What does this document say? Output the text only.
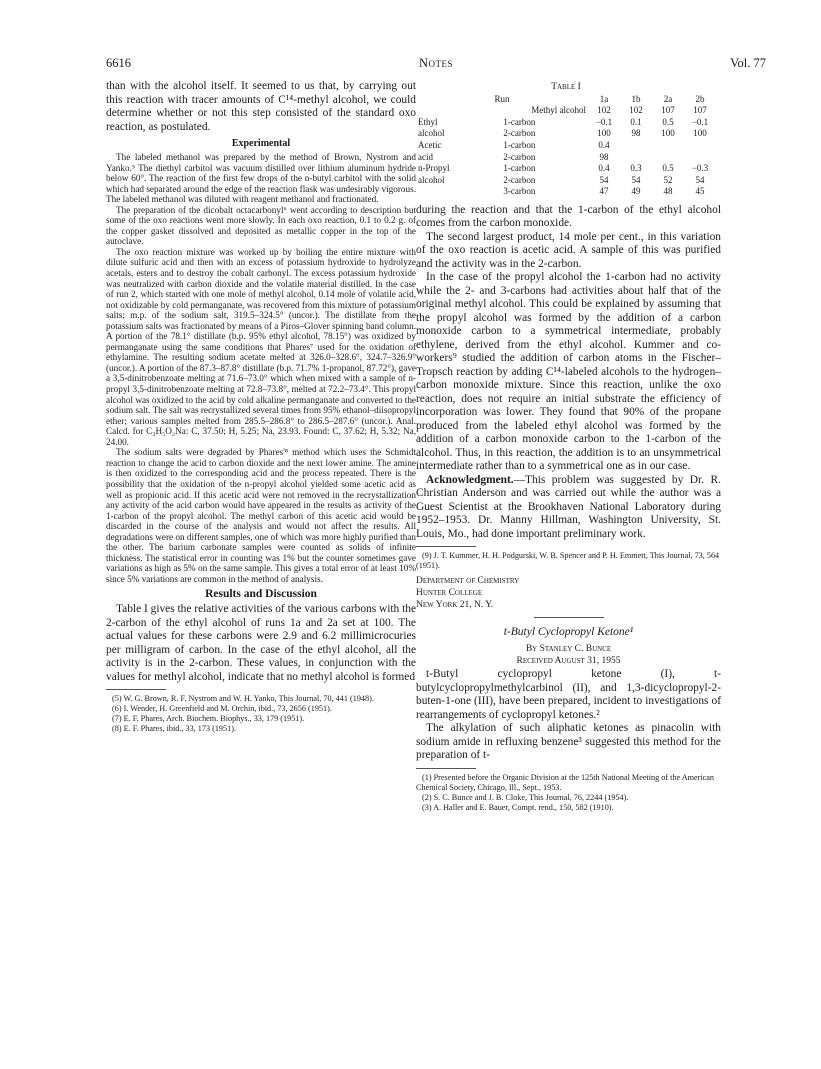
6616	Notes	Vol. 77

than with the alcohol itself. It seemed to us that, by carrying out this reaction with tracer amounts of C¹⁴-methyl alcohol, we could determine whether or not this step consisted of the standard oxo reaction, as postulated.

Experimental

The labeled methanol was prepared by the method of Brown, Nystrom and Yanko.⁵ The diethyl carbitol was vacuum distilled over lithium aluminum hydride below 60°. The reaction of the first few drops of the n-butyl carbitol with the solid which had separated around the edge of the reaction flask was undesirably vigorous. The labeled methanol was diluted with reagent methanol and fractionated.

The preparation of the dicobalt octacarbonyl⁶ went according to description but some of the oxo reactions went more slowly. In each oxo reaction, 0.1 to 0.2 g. of the copper gasket dissolved and deposited as metallic copper in the top of the autoclave.

The oxo reaction mixture was worked up by boiling the entire mixture with dilute sulfuric acid and then with an excess of potassium hydroxide to hydrolyze acetals, esters and to destroy the cobalt carbonyl. The excess potassium hydroxide was neutralized with carbon dioxide and the volatile material distilled. In the case of run 2, which started with one mole of methyl alcohol, 0.14 mole of volatile acid, not oxidizable by cold permanganate, was recovered from this mixture of potassium salts; m.p. of the sodium salt, 319.5–324.5° (uncor.). The distillate from the potassium salts was fractionated by means of a Piros–Glover spinning band column. A portion of the 78.1° distillate (b.p. 95% ethyl alcohol, 78.15°) was oxidized by permanganate using the same conditions that Phares⁷ used for the oxidation of ethylamine. The resulting sodium acetate melted at 326.0–328.6°, 324.7–326.9° (uncor.). A portion of the 87.3–87.8° distillate (b.p. 71.7% 1-propanol, 87.72°), gave a 3,5-dinitrobenzoate melting at 71.6–73.0° which when mixed with a sample of n-propyl 3,5-dinitrobenzoate melting at 72.8–73.8°, melted at 72.2–73.4°. This propyl alcohol was oxidized to the acid by cold alkaline permanganate and converted to the sodium salt. The salt was recrystallized several times from 95% ethanol–diisopropyl ether; various samples melted from 285.5–286.8° to 286.5–287.6° (uncor.). Anal. Calcd. for C₃H₅O₂Na: C, 37.50; H, 5.25; Na, 23.93. Found: C, 37.62; H, 5.32; Na, 24.00.

The sodium salts were degraded by Phares'⁸ method which uses the Schmidt reaction to change the acid to carbon dioxide and the next lower amine. The amine is then oxidized to the corresponding acid and the process repeated. There is the possibility that the oxidation of the n-propyl alcohol yielded some acetic acid as well as propionic acid. If this acetic acid were not removed in the recrystallization any activity of the acid carbon would have appeared in the results as activity of the 1-carbon of the propyl alcohol. The methyl carbon of this acetic acid would be discarded in the course of the analysis and would not affect the results. All degradations were on different samples, one of which was more highly purified than the other. The barium carbonate samples were counted as solids of infinite thickness. The statistical error in counting was 1% but the counter sometimes gave variations as high as 5% on the same sample. This gives a total error of at least 10% since 5% variations are common in the method of analysis.

Results and Discussion

Table I gives the relative activities of the various carbons with the 2-carbon of the ethyl alcohol of runs 1a and 2a set at 100. The actual values for these carbons were 2.9 and 6.2 millimicrocuries per milligram of carbon. In the case of the ethyl alcohol, all the activity is in the 2-carbon. These values, in conjunction with the values for methyl alcohol, indicate that no methyl alcohol is formed

(5) W. G. Brown, R. F. Nystrom and W. H. Yanko, This Journal, 70, 441 (1948).

(6) I. Wender, H. Greenfield and M. Orchin, ibid., 73, 2656 (1951).

(7) E. F. Phares, Arch. Biochem. Biophys., 33, 179 (1951).

(8) E. F. Phares, ibid., 33, 173 (1951).

Table I					
Run		1a	1b	2a	2b
Methyl alcohol		102	102	107	107
Ethyl	1-carbon	−0.1	0.1	0.5	−0.1
alcohol	2-carbon	100	98	100	100
Acetic	1-carbon	0.4			
acid	2-carbon	98			
n-Propyl	1-carbon	0.4	0.3	0.5	−0.3
alcohol	2-carbon	54	54	52	54
	3-carbon	47	49	48	45

during the reaction and that the 1-carbon of the ethyl alcohol comes from the carbon monoxide.

The second largest product, 14 mole per cent., in this variation of the oxo reaction is acetic acid. A sample of this was purified and the activity was in the 2-carbon.

In the case of the propyl alcohol the 1-carbon had no activity while the 2- and 3-carbons had activities about half that of the original methyl alcohol. This could be explained by assuming that the propyl alcohol was formed by the addition of a carbon monoxide carbon to a symmetrical intermediate, probably ethylene, derived from the ethyl alcohol. Kummer and co-workers⁹ studied the addition of carbon atoms in the Fischer–Tropsch reaction by adding C¹⁴-labeled alcohols to the hydrogen–carbon monoxide mixture. Since this reaction, unlike the oxo reaction, does not require an initial substrate the efficiency of incorporation was lower. They found that 90% of the propane produced from the labeled ethyl alcohol was formed by the addition of a carbon monoxide carbon to the 1-carbon of the alcohol. Thus, in this reaction, the addition is to an unsymmetrical intermediate rather than to a symmetrical one as in our case.

Acknowledgment.—This problem was suggested by Dr. R. Christian Anderson and was carried out while the author was a Guest Scientist at the Brookhaven National Laboratory during 1952–1953. Dr. Manny Hillman, Washington University, St. Louis, Mo., had done important preliminary work.

(9) J. T. Kummer, H. H. Podgurski, W. B. Spencer and P. H. Emmett, This Journal, 73, 564 (1951).

Department of Chemistry
Hunter College
New York 21, N. Y.
t-Butyl Cyclopropyl Ketone¹
By Stanley C. Bunce
Received August 31, 1955

t-Butyl cyclopropyl ketone (I), t-butylcyclopropylmethylcarbinol (II), and 1,3-dicyclopropyl-2-buten-1-one (III), have been prepared, incident to investigations of rearrangements of cyclopropyl ketones.²

The alkylation of such aliphatic ketones as pinacolin with sodium amide in refluxing benzene³ suggested this method for the preparation of t-

(1) Presented before the Organic Division at the 125th National Meeting of the American Chemical Society, Chicago, Ill., Sept., 1953.

(2) S. C. Bunce and J. B. Cloke, This Journal, 76, 2244 (1954).

(3) A. Haller and E. Bauer, Compt. rend., 150, 582 (1910).
